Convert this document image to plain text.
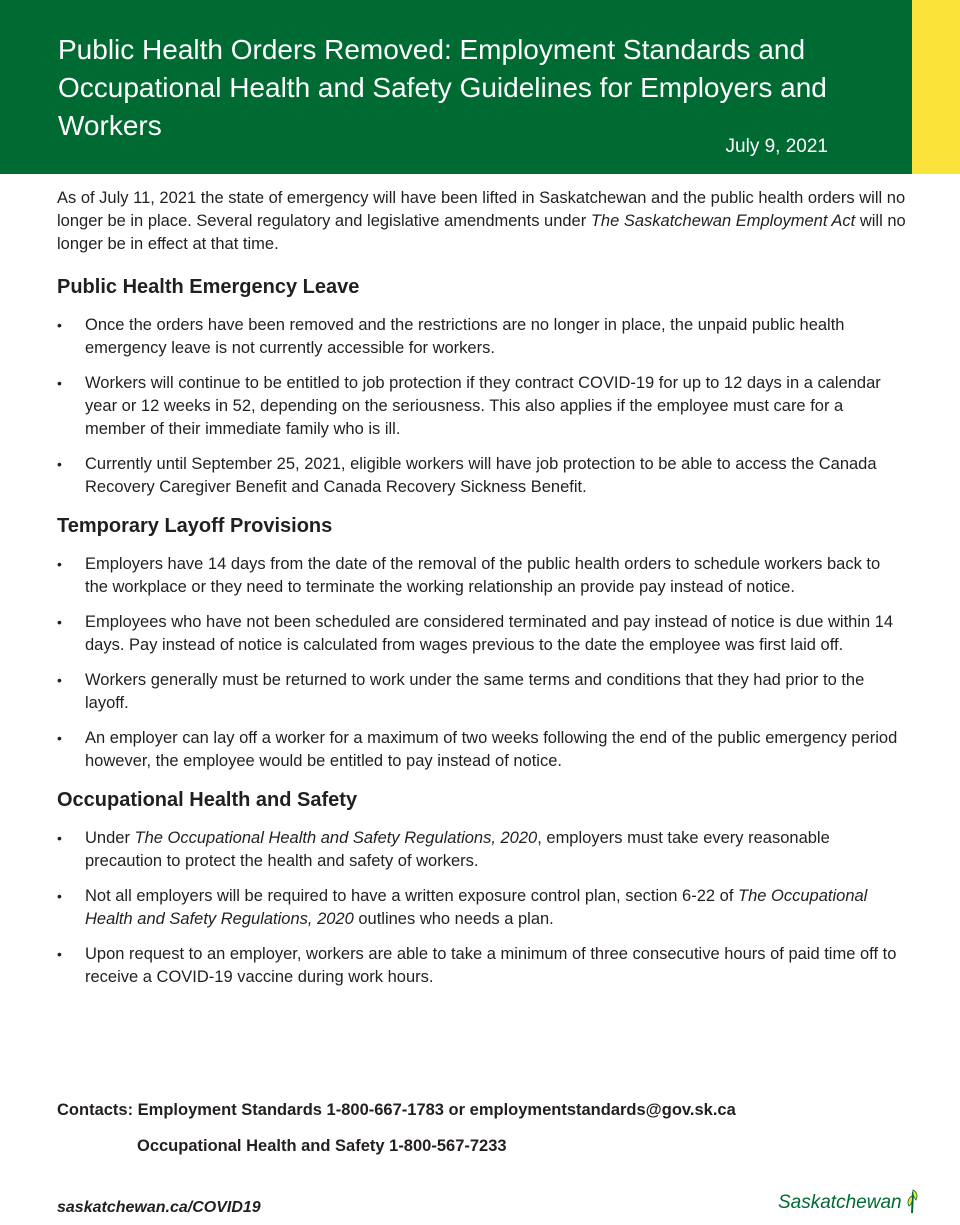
Public Health Orders Removed: Employment Standards and Occupational Health and Safety Guidelines for Employers and Workers
July 9, 2021

As of July 11, 2021 the state of emergency will have been lifted in Saskatchewan and the public health orders will no longer be in place. Several regulatory and legislative amendments under The Saskatchewan Employment Act will no longer be in effect at that time.

Public Health Emergency Leave
• Once the orders have been removed and the restrictions are no longer in place, the unpaid public health emergency leave is not currently accessible for workers.
• Workers will continue to be entitled to job protection if they contract COVID-19 for up to 12 days in a calendar year or 12 weeks in 52, depending on the seriousness. This also applies if the employee must care for a member of their immediate family who is ill.
• Currently until September 25, 2021, eligible workers will have job protection to be able to access the Canada Recovery Caregiver Benefit and Canada Recovery Sickness Benefit.
Temporary Layoff Provisions
• Employers have 14 days from the date of the removal of the public health orders to schedule workers back to the workplace or they need to terminate the working relationship an provide pay instead of notice.
• Employees who have not been scheduled are considered terminated and pay instead of notice is due within 14 days. Pay instead of notice is calculated from wages previous to the date the employee was first laid off.
• Workers generally must be returned to work under the same terms and conditions that they had prior to the layoff.
• An employer can lay off a worker for a maximum of two weeks following the end of the public emergency period however, the employee would be entitled to pay instead of notice.
Occupational Health and Safety
• Under The Occupational Health and Safety Regulations, 2020, employers must take every reasonable precaution to protect the health and safety of workers.
• Not all employers will be required to have a written exposure control plan, section 6-22 of The Occupational Health and Safety Regulations, 2020 outlines who needs a plan.
• Upon request to an employer, workers are able to take a minimum of three consecutive hours of paid time off to receive a COVID-19 vaccine during work hours.
Contacts: Employment Standards 1-800-667-1783 or employmentstandards@gov.sk.ca
Occupational Health and Safety 1-800-567-7233
saskatchewan.ca/COVID19	Saskatchewan
